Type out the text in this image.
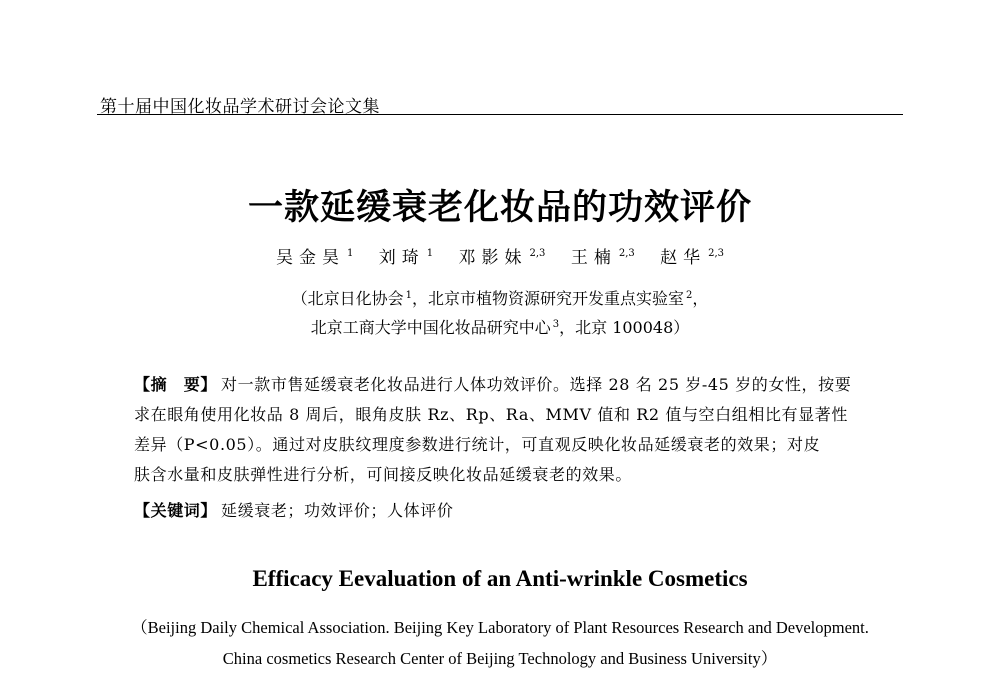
第十届中国化妆品学术研讨会论文集
一款延缓衰老化妆品的功效评价
吴金昊 $^1$ 刘琦 $^1$ 邓影妹 $^{2,3}$ 王楠 $^{2,3}$ 赵华 $^{2,3}$
（北京日化协会 $^1$，北京市植物资源研究开发重点实验室 $^2$，
北京工商大学中国化妆品研究中心 $^3$，北京 100048）
【摘　要】 对一款市售延缓衰老化妆品进行人体功效评价。选择 28 名 25 岁-45 岁的女性，按要
求在眼角使用化妆品 8 周后，眼角皮肤 Rz、Rp、Ra、MMV 值和 R2 值与空白组相比有显著性
差异（P<0.05）。通过对皮肤纹理度参数进行统计，可直观反映化妆品延缓衰老的效果；对皮
肤含水量和皮肤弹性进行分析，可间接反映化妆品延缓衰老的效果。
【关键词】 延缓衰老；功效评价；人体评价
Efficacy Eevaluation of an Anti-wrinkle Cosmetics
（Beijing Daily Chemical Association. Beijing Key Laboratory of Plant Resources Research and Development.
China cosmetics Research Center of Beijing Technology and Business University）
